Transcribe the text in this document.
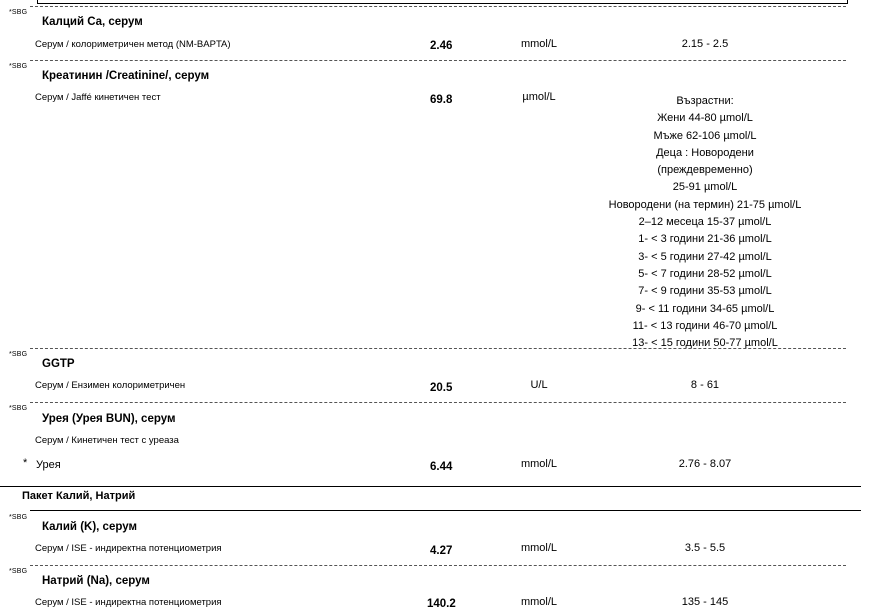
*SBG
Калций Ca, серум
Серум / колориметричен метод (NM-BAPTA)	2.46	mmol/L	2.15 - 2.5
*SBG
Креатинин /Creatinine/, серум
Серум / Jaffé кинетичен тест	69.8	µmol/L	Възрастни:
Жени 44-80 µmol/L
Мъже 62-106 µmol/L
Деца : Новородени
(преждевременно)
25-91 µmol/L
Новородени (на термин) 21-75 µmol/L
2–12 месеца 15-37 µmol/L
1- < 3 години 21-36 µmol/L
3- < 5 години 27-42 µmol/L
5- < 7 години 28-52 µmol/L
7- < 9 години 35-53 µmol/L
9- < 11 години 34-65 µmol/L
11- < 13 години 46-70 µmol/L
13- < 15 години 50-77 µmol/L
*SBG
GGTP
Серум / Ензимен колориметричен	20.5	U/L	8 - 61
*SBG
Урея (Урея BUN), серум
Серум / Кинетичен тест с уреаза
* Урея	6.44	mmol/L	2.76 - 8.07
Пакет Калий, Натрий
*SBG
Калий (K), серум
Серум / ISE - индиректна потенциометрия	4.27	mmol/L	3.5 - 5.5
*SBG
Натрий (Na), серум
Серум / ISE - индиректна потенциометрия	140.2	mmol/L	135 - 145
